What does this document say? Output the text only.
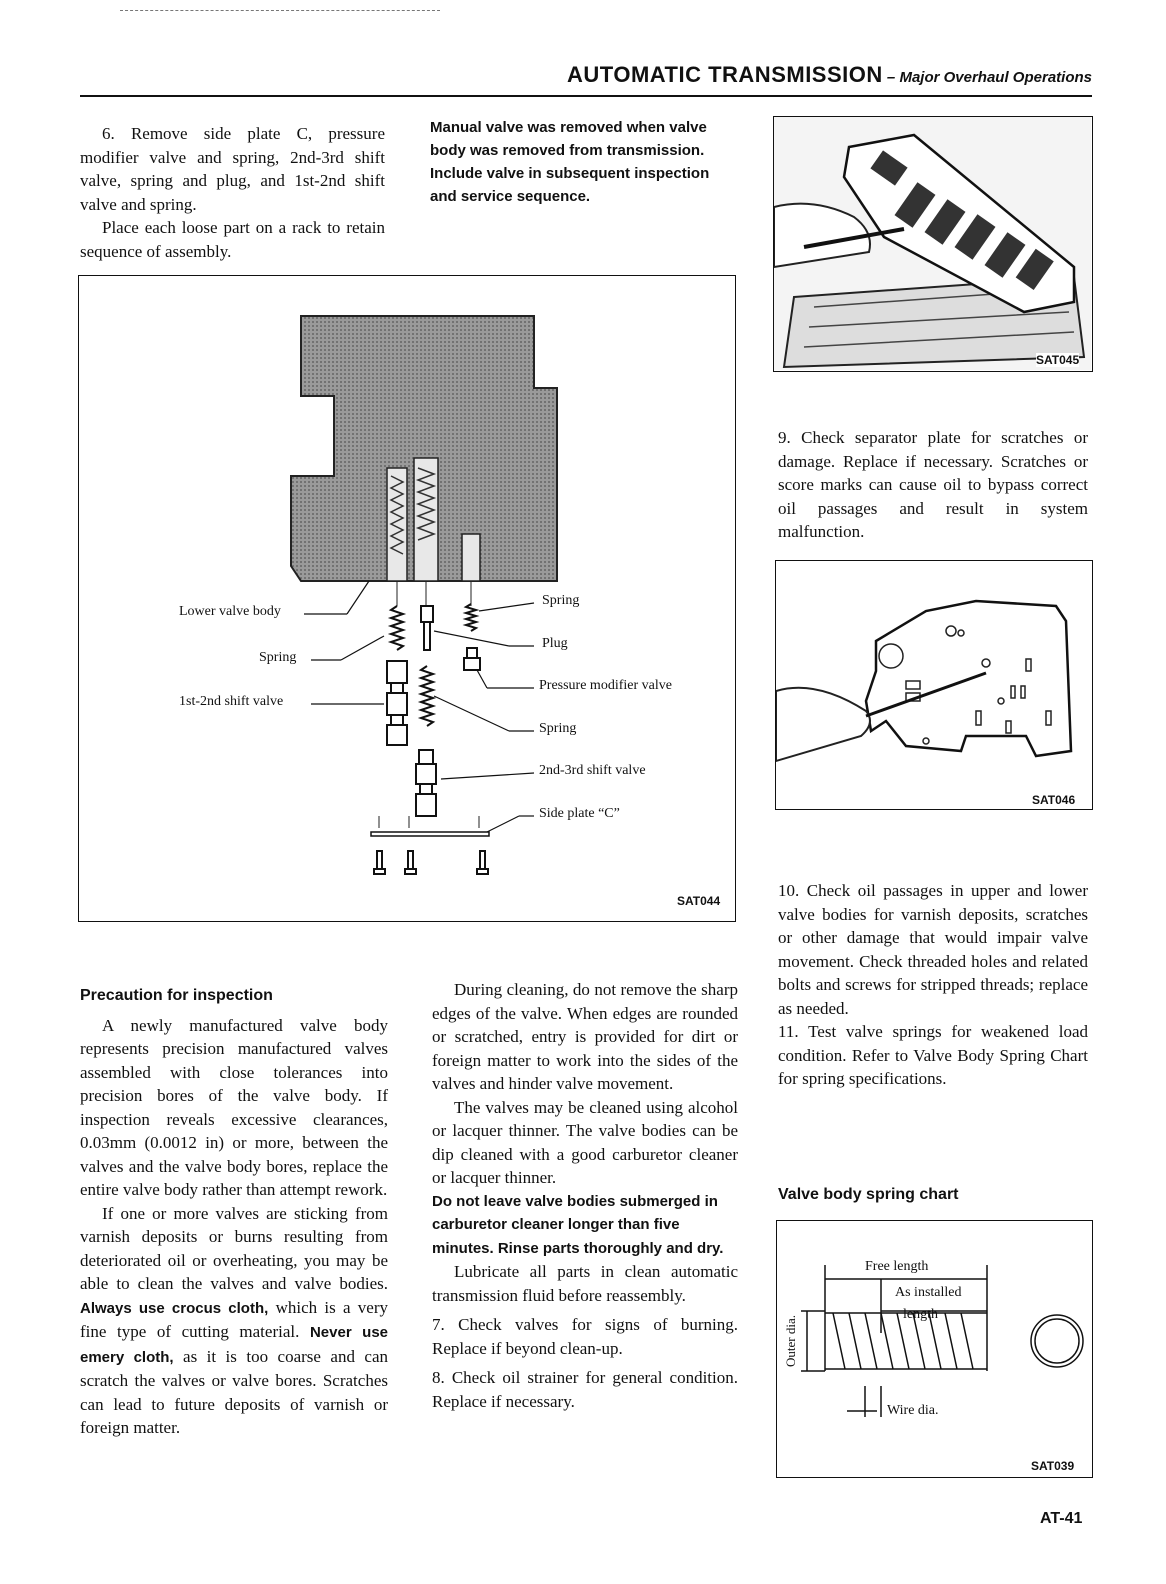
AUTOMATIC TRANSMISSION – Major Overhaul Operations

6. Remove side plate C, pressure modifier valve and spring, 2nd-3rd shift valve, spring and plug, and 1st-2nd shift valve and spring.

Place each loose part on a rack to retain sequence of assembly.

Manual valve was removed when valve body was removed from transmission. Include valve in subsequent inspection and service sequence.
Lower valve body
Spring
1st-2nd shift valve
Spring
Plug
Pressure modifier valve
Spring
2nd-3rd shift valve
Side plate “C”
SAT044
SAT045
9. Check separator plate for scratches or damage. Replace if necessary. Scratches or score marks can cause oil to bypass correct oil passages and result in system malfunction.
SAT046

10. Check oil passages in upper and lower valve bodies for varnish deposits, scratches or other damage that would impair valve movement. Check threaded holes and related bolts and screws for stripped threads; replace as needed.

11. Test valve springs for weakened load condition. Refer to Valve Body Spring Chart for spring specifications.

Valve body spring chart
Free length
As installed
length
Outer dia.
Wire dia.
SAT039

Precaution for inspection

A newly manufactured valve body represents precision manufactured valves assembled with close tolerances into precision bores of the valve body. If inspection reveals excessive clearances, 0.03mm (0.0012 in) or more, between the valves and the valve body bores, replace the entire valve body rather than attempt rework.

If one or more valves are sticking from varnish deposits or burns resulting from deteriorated oil or overheating, you may be able to clean the valves and valve bodies. Always use crocus cloth, which is a very fine type of cutting material. Never use emery cloth, as it is too coarse and can scratch the valves or valve bores. Scratches can lead to future deposits of varnish or foreign matter.

During cleaning, do not remove the sharp edges of the valve. When edges are rounded or scratched, entry is provided for dirt or foreign matter to work into the sides of the valves and hinder valve movement.

The valves may be cleaned using alcohol or lacquer thinner. The valve bodies can be dip cleaned with a good carburetor cleaner or lacquer thinner.

Do not leave valve bodies submerged in carburetor cleaner longer than five minutes. Rinse parts thoroughly and dry.

Lubricate all parts in clean automatic transmission fluid before reassembly.

7. Check valves for signs of burning. Replace if beyond clean-up.

8. Check oil strainer for general condition. Replace if necessary.

AT-41
